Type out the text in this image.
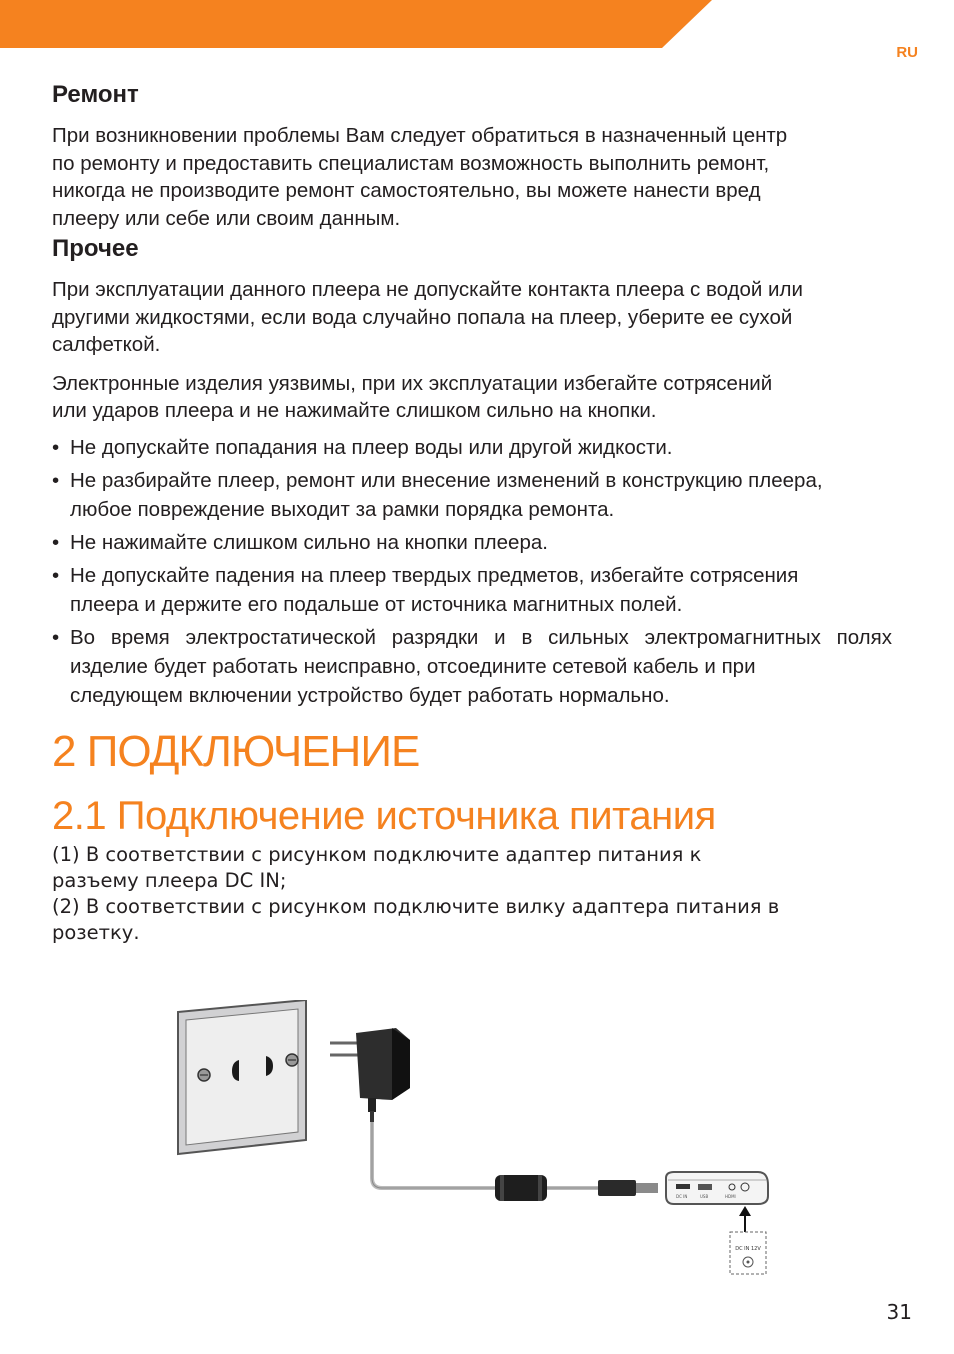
RU
Ремонт

При возникновении проблемы Вам следует обратиться в назначенный центр
по ремонту и предоставить специалистам возможность выполнить ремонт,
никогда не производите ремонт самостоятельно, вы можете нанести вред
плееру или себе или своим данным.

Прочее

При эксплуатации данного плеера не допускайте контакта плеера с водой или
другими жидкостями, если вода случайно попала на плеер, уберите ее сухой
салфеткой.

Электронные изделия уязвимы, при их эксплуатации избегайте сотрясений
или ударов плеера и не нажимайте слишком сильно на кнопки.

• Не допускайте попадания на плеер воды или другой жидкости.
• Не разбирайте плеер, ремонт или внесение изменений в конструкцию плеера,
любое повреждение выходит за рамки порядка ремонта.
• Не нажимайте слишком сильно на кнопки плеера.
• Не допускайте падения на плеер твердых предметов, избегайте сотрясения
плеера и держите его подальше от источника магнитных полей.
• Во время электростатической разрядки и в сильных электромагнитных полях изделие будет работать неисправно, отсоедините сетевой кабель и при
следующем включении устройство будет работать нормально.
2 ПОДКЛЮЧЕНИЕ
2.1 Подключение источника питания

(1) В соответствии с рисунком подключите адаптер питания к
разъему плеера DC IN;

(2) В соответствии с рисунком подключите вилку адаптера питания в
розетку.

DC IN	USB	HDMI
DC IN 12V
31
